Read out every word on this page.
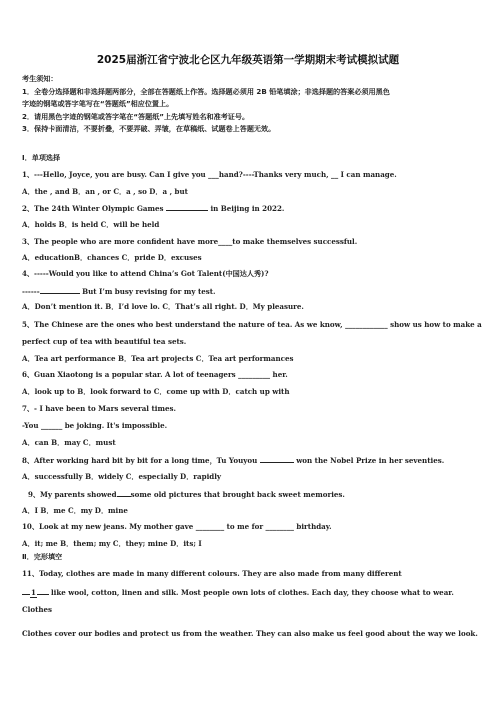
2025届浙江省宁波北仑区九年级英语第一学期期末考试模拟试题
考生须知：
1．全卷分选择题和非选择题两部分，全部在答题纸上作答。选择题必须用 2B 铅笔填涂；非选择题的答案必须用黑色
字迹的钢笔或答字笔写在“答题纸”相应位置上。
2．请用黑色字迹的钢笔或答字笔在“答题纸”上先填写姓名和准考证号。
3．保持卡面清洁，不要折叠，不要弄破、弄皱，在草稿纸、试题卷上答题无效。
Ⅰ．单项选择
1、---Hello, Joyce, you are busy. Can I give you ___hand?----Thanks very much, __ I can manage.
A．the , and B．an , or C．a , so D．a , but
2、The 24th Winter Olympic Games	in Beijing in 2022.
A．holds B．is held C．will be held
3、The people who are more confident have more____to make themselves successful.
A．educationB．chances C．pride D．excuses
4、-----Would you like to attend China’s Got Talent(中国达人秀)?
------	But I’m busy revising for my test.
A．Don’t mention it. B．I’d love lo. C．That’s all right. D．My pleasure.
5、The Chinese are the ones who best understand the nature of tea. As we know, ____________ show us how to make a
perfect cup of tea with beautiful tea sets.
A．Tea art performance B．Tea art projects C．Tea art performances
6、Guan Xiaotong is a popular star. A lot of teenagers _________ her.
A．look up to B．look forward to C．come up with D．catch up with
7、- I have been to Mars several times.
-You ______ be joking. It's impossible.
A．can B．may C．must
8、After working hard bit by bit for a long time，Tu Youyou	won the Nobel Prize in her seventies.
A．successfully B．widely C．especially D．rapidly
9、My parents showed some old pictures that brought back sweet memories.
A．I B．me C．my D．mine
10、Look at my new jeans. My mother gave ________ to me for ________ birthday.
A．it; me B．them; my C．they; mine D．its; I
Ⅱ．完形填空
11、Today, clothes are made in many different colours. They are also made from many different
1 like wool, cotton, linen and silk. Most people own lots of clothes. Each day, they choose what to wear.
Clothes
Clothes cover our bodies and protect us from the weather. They can also make us feel good about the way we look.
